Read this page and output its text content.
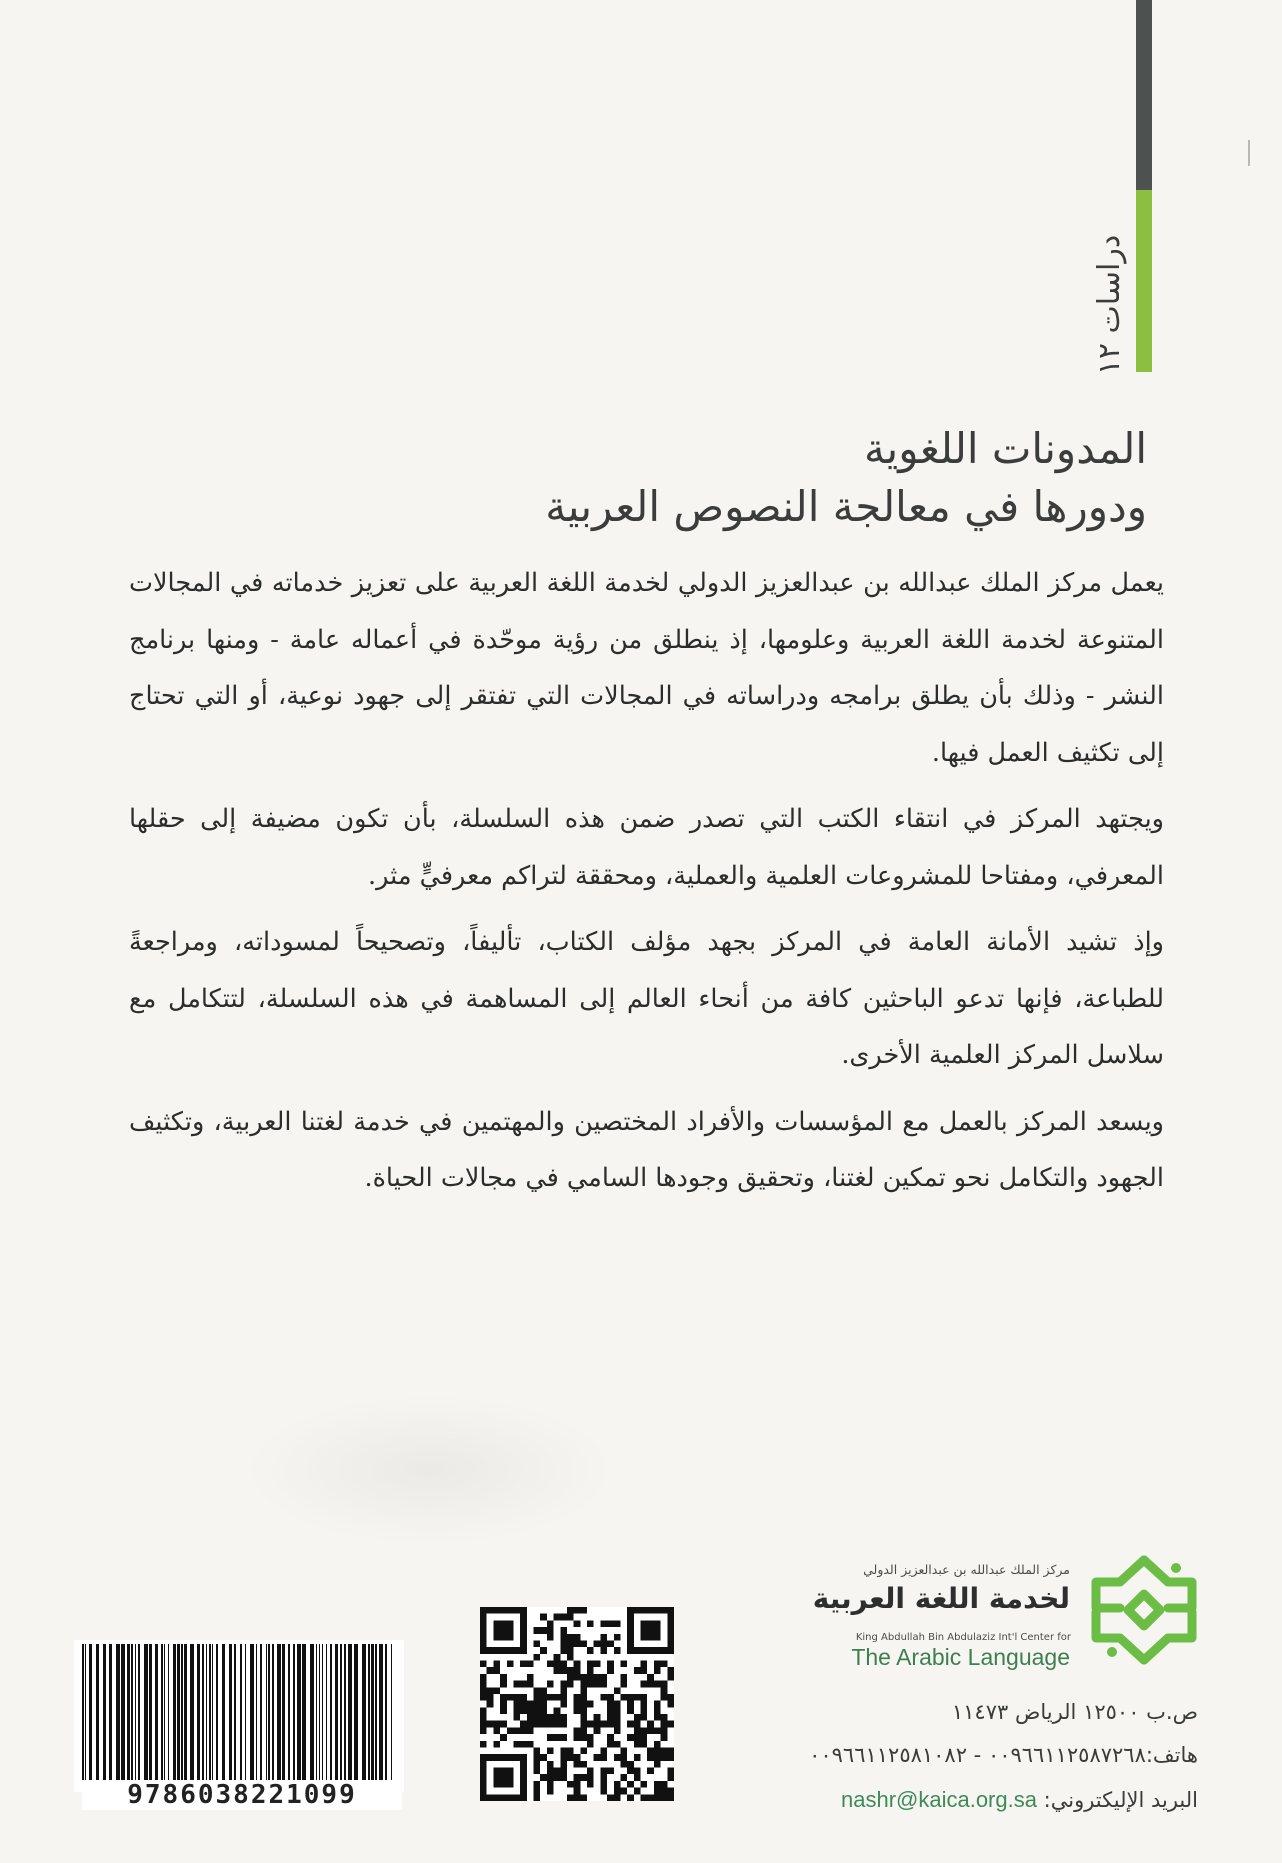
دراسات ١٢
المدونات اللغوية
ودورها في معالجة النصوص العربية

يعمل مركز الملك عبدالله بن عبدالعزيز الدولي لخدمة اللغة العربية على تعزيز خدماته في المجالات المتنوعة لخدمة اللغة العربية وعلومها، إذ ينطلق من رؤية موحّدة في أعماله عامة - ومنها برنامج النشر - وذلك بأن يطلق برامجه ودراساته في المجالات التي تفتقر إلى جهود نوعية، أو التي تحتاج إلى تكثيف العمل فيها.

ويجتهد المركز في انتقاء الكتب التي تصدر ضمن هذه السلسلة، بأن تكون مضيفة إلى حقلها المعرفي، ومفتاحا للمشروعات العلمية والعملية، ومحققة لتراكم معرفيٍّ مثر.

وإذ تشيد الأمانة العامة في المركز بجهد مؤلف الكتاب، تأليفاً، وتصحيحاً لمسوداته، ومراجعةً للطباعة، فإنها تدعو الباحثين كافة من أنحاء العالم إلى المساهمة في هذه السلسلة، لتتكامل مع سلاسل المركز العلمية الأخرى.

ويسعد المركز بالعمل مع المؤسسات والأفراد المختصين والمهتمين في خدمة لغتنا العربية، وتكثيف الجهود والتكامل نحو تمكين لغتنا، وتحقيق وجودها السامي في مجالات الحياة.

مركز الملك عبدالله بن عبدالعزيز الدولي
لخدمة اللغة العربية
King Abdullah Bin Abdulaziz Int'l Center for
The Arabic Language
ص.ب ١٢٥٠٠ الرياض ١١٤٧٣
هاتف:٠٠٩٦٦١١٢٥٨٧٢٦٨ - ٠٠٩٦٦١١٢٥٨١٠٨٢
البريد الإليكتروني: nashr@kaica.org.sa
9786038221099
